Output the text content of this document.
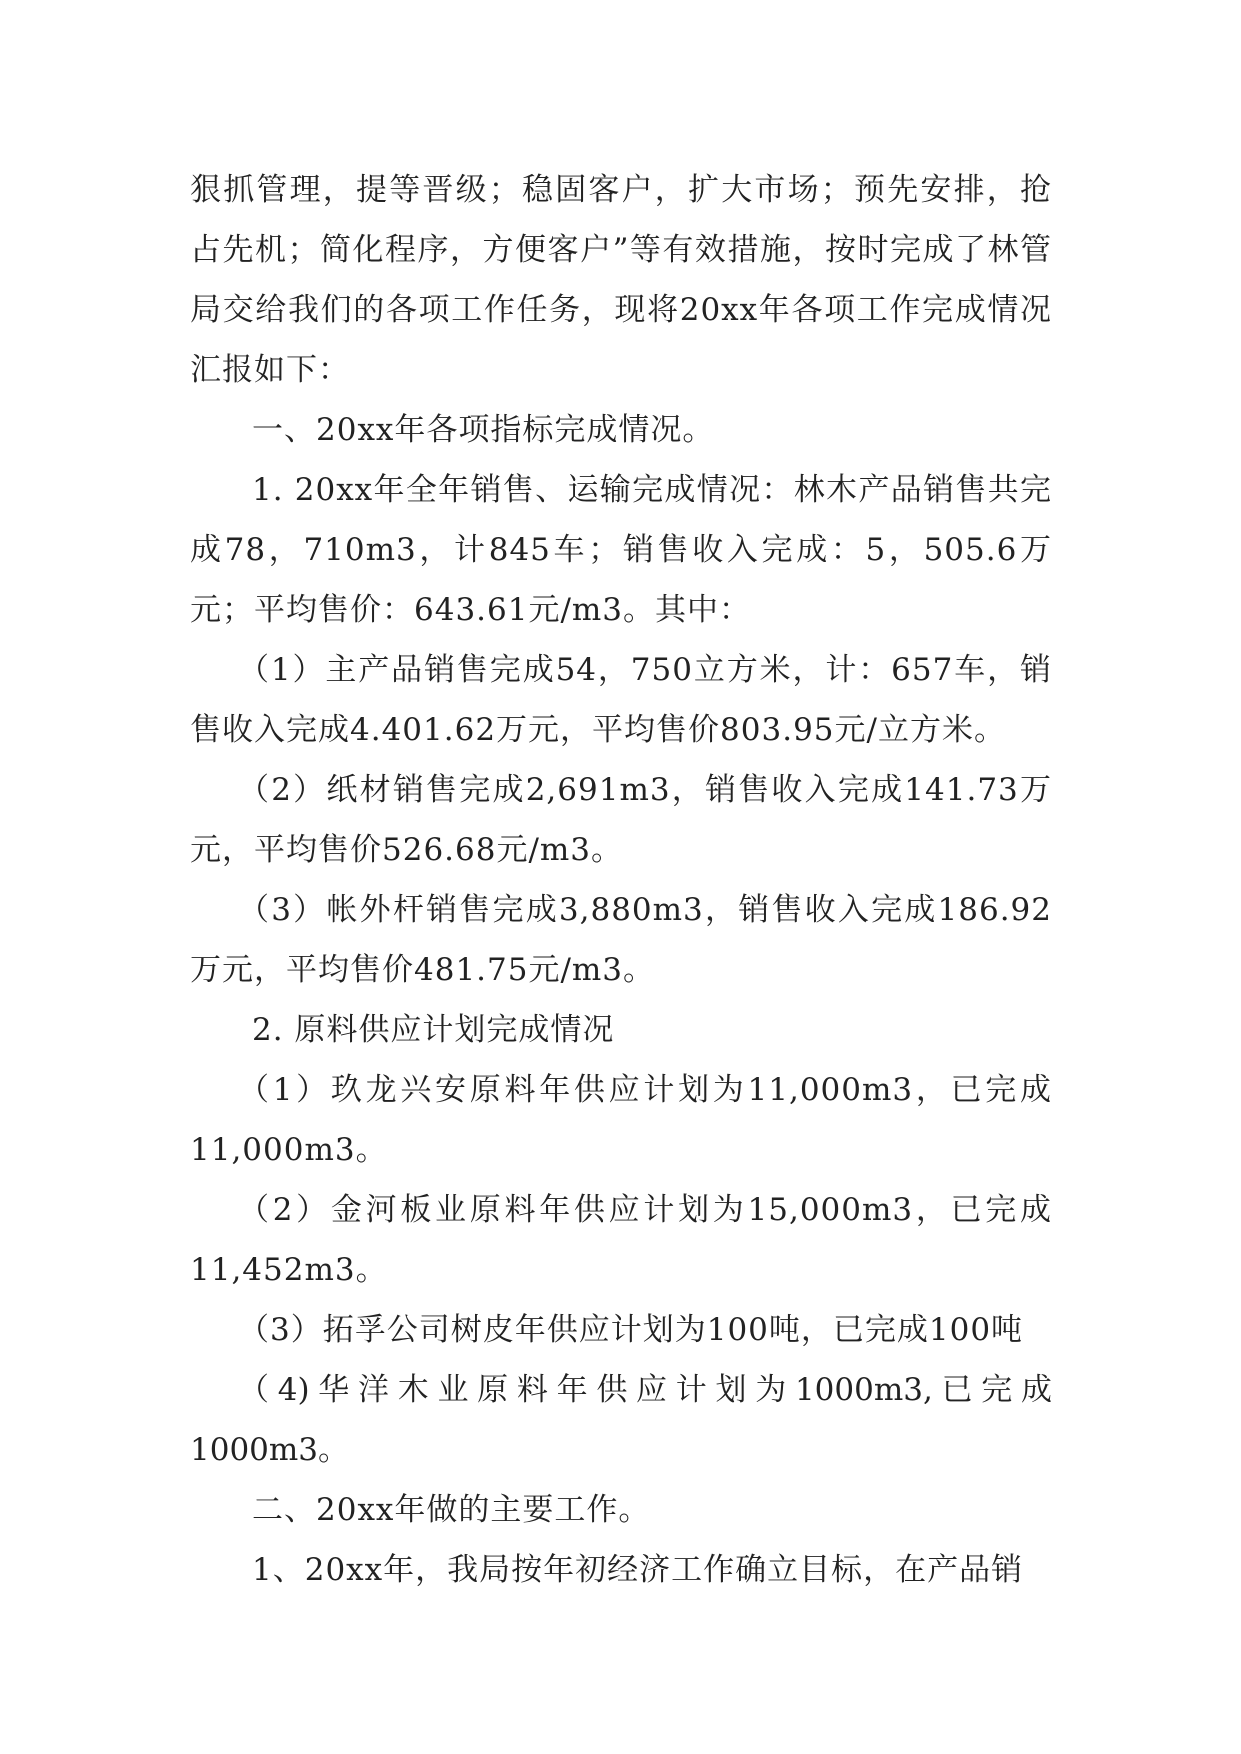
狠抓管理，提等晋级；稳固客户，扩大市场；预先安排，抢占先机；简化程序，方便客户”等有效措施，按时完成了林管局交给我们的各项工作任务，现将20xx年各项工作完成情况汇报如下：

一、20xx年各项指标完成情况。

1. 20xx年全年销售、运输完成情况：林木产品销售共完成78，710m3，计845车；销售收入完成：5，505.6万元；平均售价：643.61元/m3。其中：

（1）主产品销售完成54，750立方米，计：657车，销售收入完成4.401.62万元，平均售价803.95元/立方米。

（2）纸材销售完成2,691m3，销售收入完成141.73万元，平均售价526.68元/m3。

（3）帐外杆销售完成3,880m3，销售收入完成186.92万元，平均售价481.75元/m3。

2. 原料供应计划完成情况

（1）玖龙兴安原料年供应计划为11,000m3，已完成11,000m3。

（2）金河板业原料年供应计划为15,000m3，已完成11,452m3。

（3）拓孚公司树皮年供应计划为100吨，已完成100吨

（4)华洋木业原料年供应计划为1000m3,已完成1000m3。

二、20xx年做的主要工作。

1、20xx年，我局按年初经济工作确立目标，在产品销
